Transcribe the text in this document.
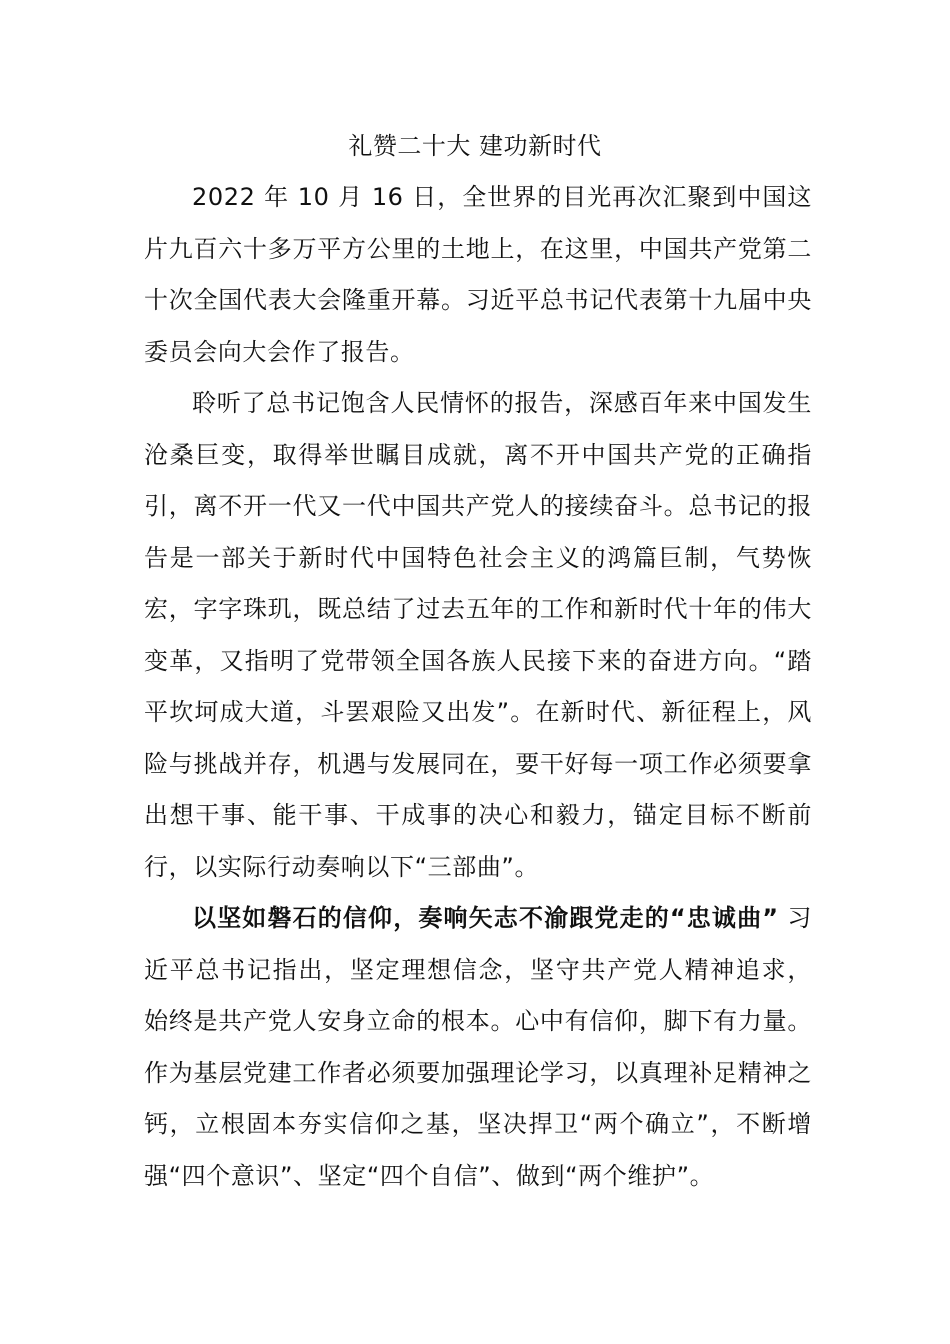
礼赞二十大 建功新时代

2022 年 10 月 16 日，全世界的目光再次汇聚到中国这片九百六十多万平方公里的土地上，在这里，中国共产党第二十次全国代表大会隆重开幕。习近平总书记代表第十九届中央委员会向大会作了报告。

聆听了总书记饱含人民情怀的报告，深感百年来中国发生沧桑巨变，取得举世瞩目成就，离不开中国共产党的正确指引，离不开一代又一代中国共产党人的接续奋斗。总书记的报告是一部关于新时代中国特色社会主义的鸿篇巨制，气势恢宏，字字珠玑，既总结了过去五年的工作和新时代十年的伟大变革，又指明了党带领全国各族人民接下来的奋进方向。“踏平坎坷成大道，斗罢艰险又出发”。在新时代、新征程上，风险与挑战并存，机遇与发展同在，要干好每一项工作必须要拿出想干事、能干事、干成事的决心和毅力，锚定目标不断前行，以实际行动奏响以下“三部曲”。

以坚如磐石的信仰，奏响矢志不渝跟党走的“忠诚曲” 习近平总书记指出，坚定理想信念，坚守共产党人精神追求， 始终是共产党人安身立命的根本。心中有信仰，脚下有力量。作为基层党建工作者必须要加强理论学习，以真理补足精神之钙，立根固本夯实信仰之基，坚决捍卫“两个确立”，不断增强“四个意识”、坚定“四个自信”、做到“两个维护”。
